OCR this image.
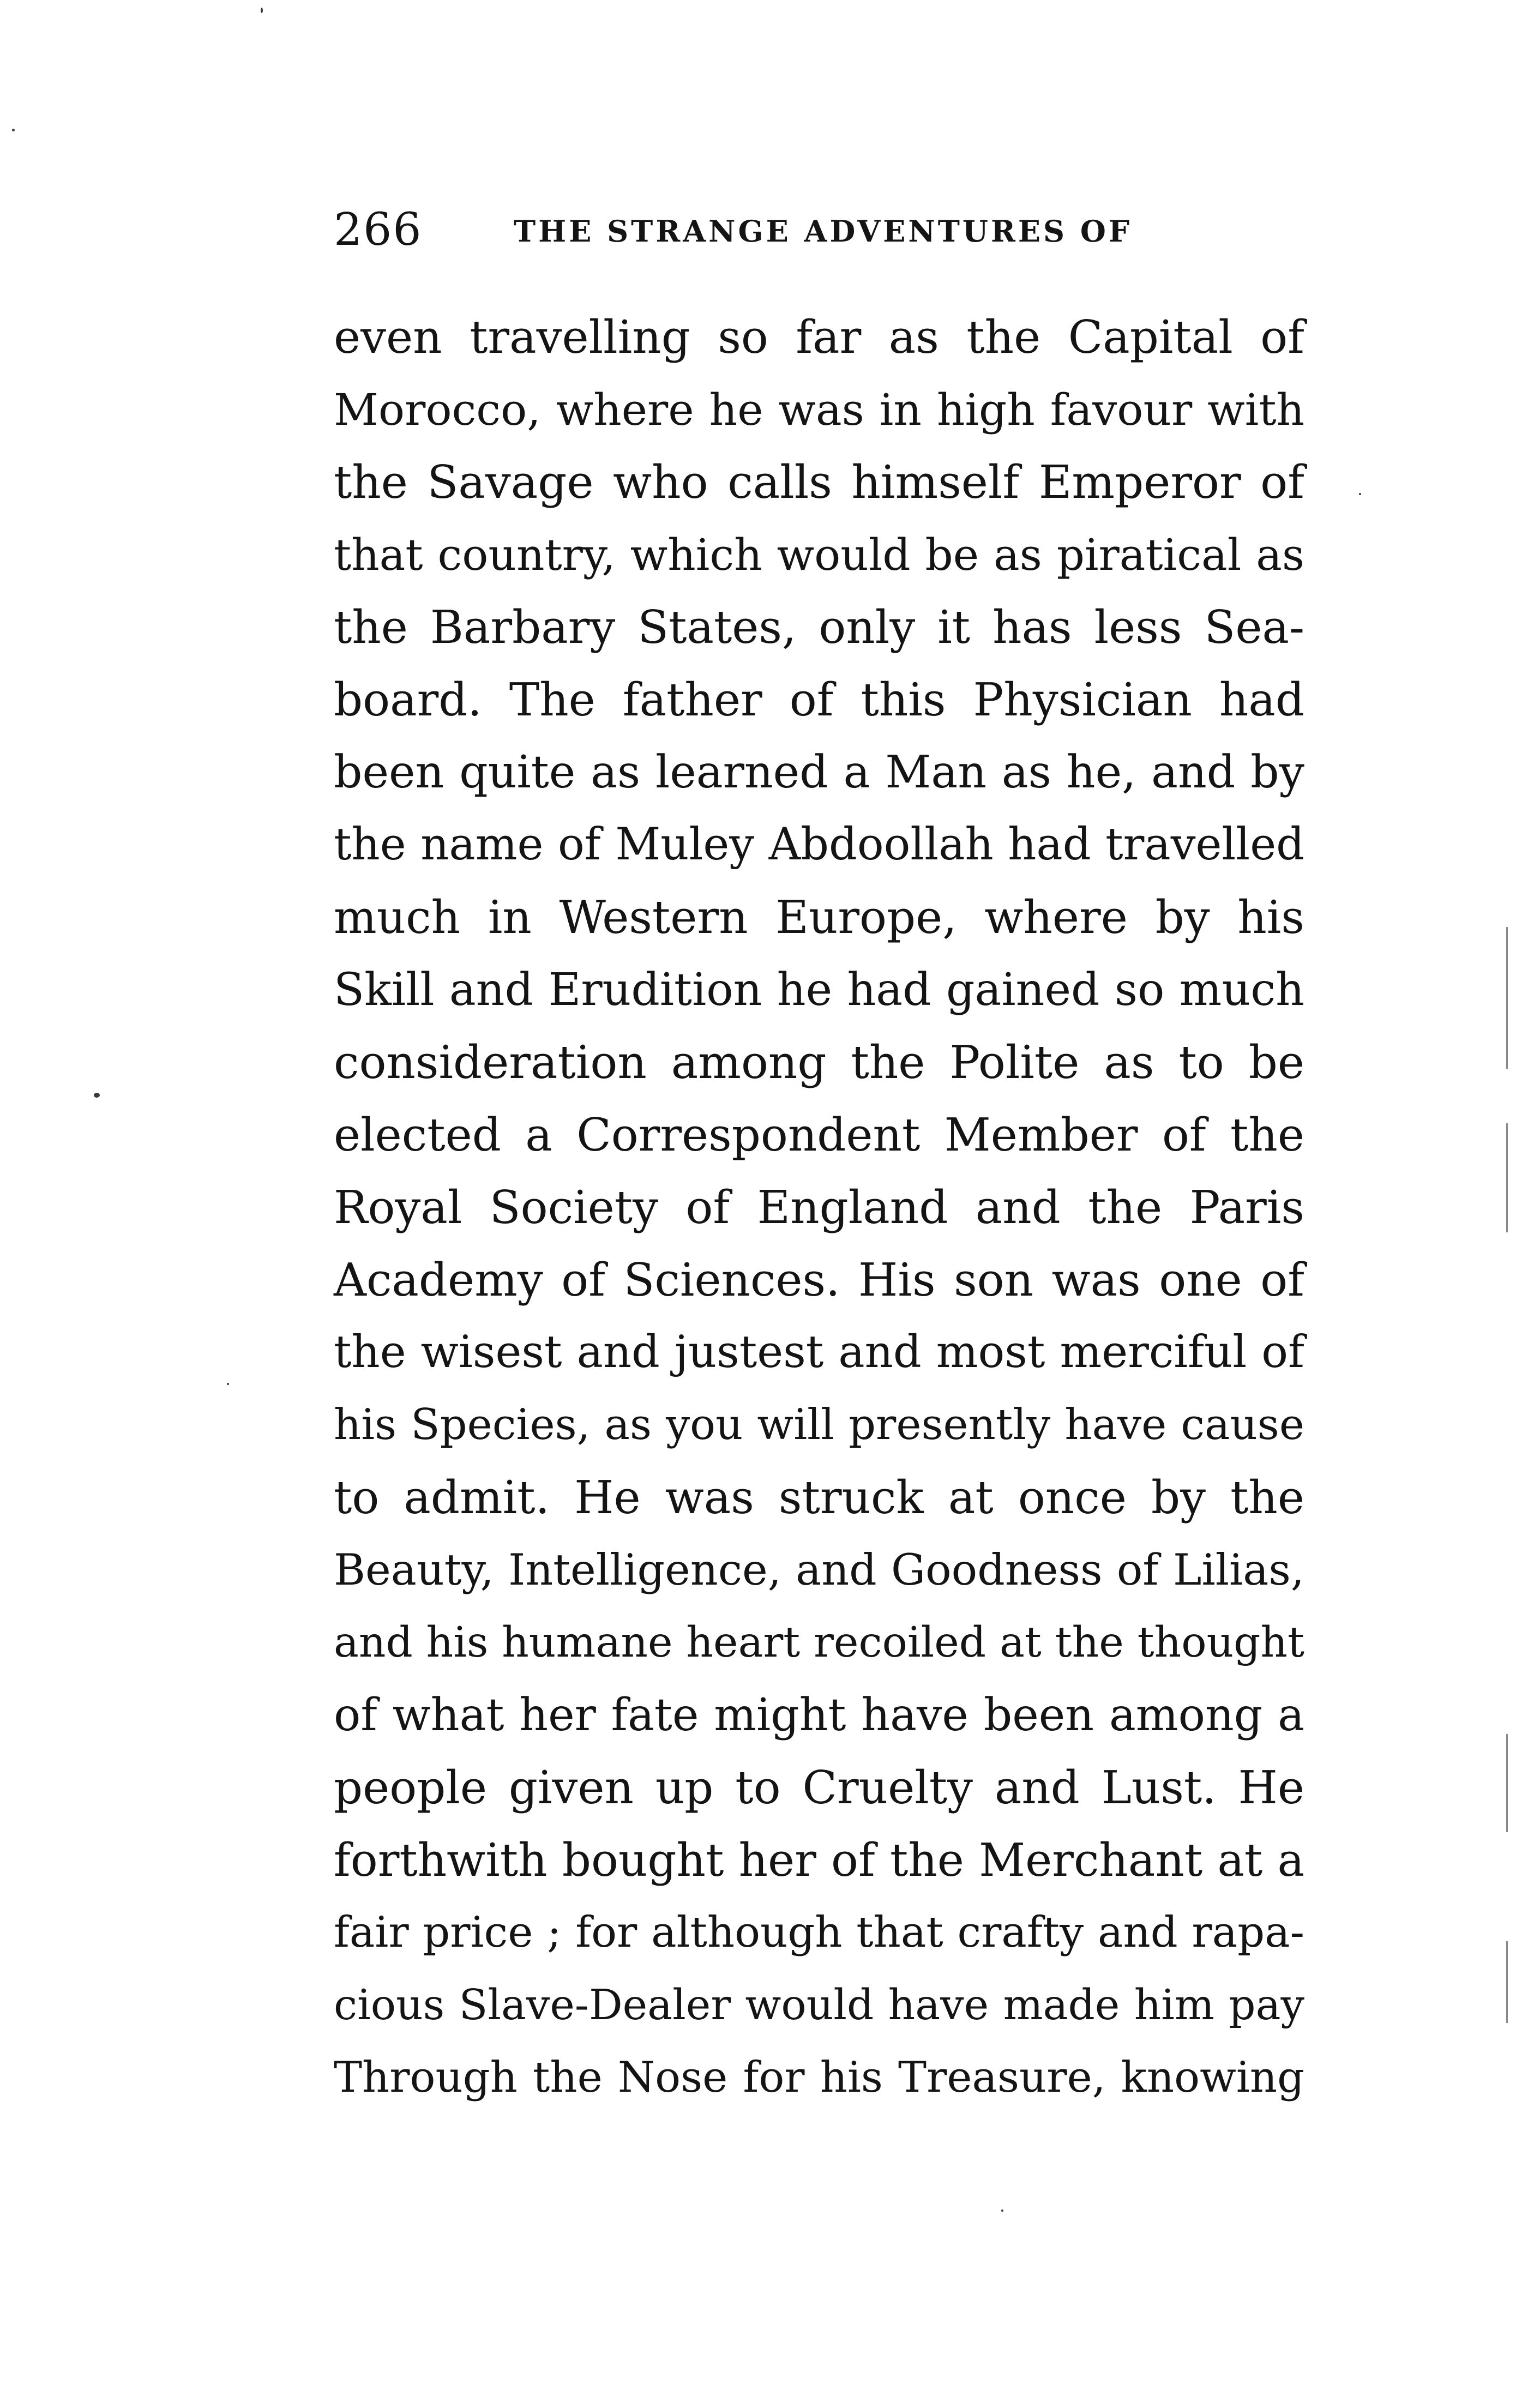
266	THE STRANGE ADVENTURES OF
even travelling so far as the Capital of
Morocco, where he was in high favour with
the Savage who calls himself Emperor of
that country, which would be as piratical as
the Barbary States, only it has less Sea-
board. The father of this Physician had
been quite as learned a Man as he, and by
the name of Muley Abdoollah had travelled
much in Western Europe, where by his
Skill and Erudition he had gained so much
consideration among the Polite as to be
elected a Correspondent Member of the
Royal Society of England and the Paris
Academy of Sciences. His son was one of
the wisest and justest and most merciful of
his Species, as you will presently have cause
to admit. He was struck at once by the
Beauty, Intelligence, and Goodness of Lilias,
and his humane heart recoiled at the thought
of what her fate might have been among a
people given up to Cruelty and Lust. He
forthwith bought her of the Merchant at a
fair price ; for although that crafty and rapa-
cious Slave-Dealer would have made him pay
Through the Nose for his Treasure, knowing
